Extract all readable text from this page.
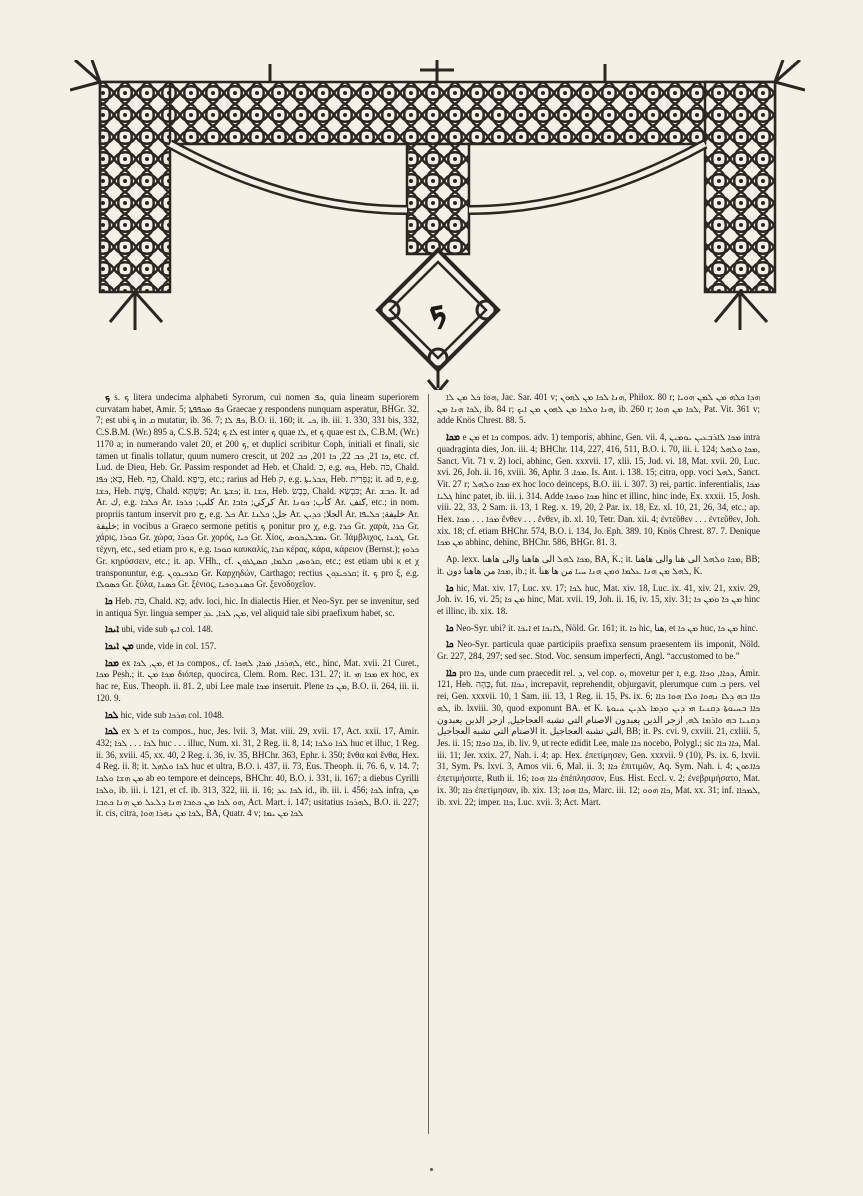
ܟ

ܟ s. ܟ litera undecima alphabeti Syrorum, cui nomen ܟܦ, quia lineam superiorem curvatam habet, Amir. 5; ܟܦ ܡܟܦܦܬܐ Graecae χ respondens nunquam asperatur, BHGr. 32. 7; est ubi ܟ in ܩ mutatur, ib. 36. 7; ܟܦ ܠܐ, B.O. ii. 160; it. ܟܝ, ib. iii. 1. 330, 331 bis, 332, C.S.B.M. (Wr.) 895 a, C.S.B. 524; ܠܐ ܟ est inter ܟ quae ܠܐ, et ܟ quae est ܠܐ, C.B.M. (Wr.) 1170 a; in numerando valet 20, et ܟ 200, et duplici scribitur Coph, initiali et finali, sic tamen ut finalis tollatur, quum numero crescit, ut ܟܐ 21, ܟܒ 22, ܟܐ 201, ܟܒ 202, etc. cf. Lud. de Dieu, Heb. Gr. Passim respondet ad Heb. et Chald. כ, e.g. ܟܗ, Heb. כֹּה, Chald. כָּא; ܟܦܐ, Heb. כֵּף, Chald. כֵּיפָא, etc.; rarius ad Heb ק, e.g. ܟܒܪܝܬܐ, Heb. גָּפְרִית; it. ad פ, e.g. ܟܫܐ, Heb. פָּשֶׁת, Chald. פַּשְׁתָּא; Ar. ܟܫܬܐ; it. ܟܫܐ, Heb. כֶּבֶשׂ, Chald. כִּבְשָׂא; Ar. ܟܒܫ. It. ad Ar. ك, e.g. ܟܠܒܐ Ar. كلب; ܟܪܟܐ Ar. كركي; ܟܐܒܐ Ar. كأب; ܟܘܢܐ Ar. كتف, etc.; in nom. propriis tantum inservit pro ج, e.g. ܟܠ Ar. جل; ܟܠܢܐ Ar. الجلا; ܟܕܝܢ Ar. خليفة; ܟܠܝܦܐ Ar. خليفة; in vocibus a Graeco sermone petitis ܟ ponitur pro χ, e.g. ܟܪܐ Gr. χαρά, ܟܪܐ Gr. χάρις, ܟܘܪܐ Gr. χώρα, ܟܘܪܐ Gr. χορός, ܟܝܐ Gr. Χίος, ܝܡܒܠܝܟܘܣ Gr. Ἰάμβλιχος, ܛܟܢܐ Gr. τέχνη, etc., sed etiam pro κ, e.g. ܩܘܟܐ καυκαλίς, ܩܪܐ κέρας, κάρα, κάρειον (Bernst.); ܟܪܘܙ Gr. κηρύσσειν, etc.; it. ap. VHh., cf. ܩܪܘܣ, ܩܠܡܐ, ܩܣܛܪܘܢ, etc.; est etiam ubi κ et χ transponuntur, e.g. ܩܪܟܝܕܘܢ Gr. Καρχηδών, Carthago; rectius ܩܪܟܝܕܘܢ; it. ܟ pro ξ, e.g. ܟܣܘܠܐ Gr. ξύλα, ܟܣܢܐ Gr. ξένιος, ܟܣܢܕܘܟܝܐ Gr. ξενοδοχεῖον.

ܟܐ Heb. כֹּה, Chald. כָּא, adv. loci, hic. In dialectis Hier. et Neo-Syr. per se invenitur, sed in antiqua Syr. lingua semper ܡܢ, ܠܟܐ, ܥܕ, vel aliquid tale sibi praefixum habet, sc.

ܐܝܟܐ ubi, vide sub ܐܝܟ col. 148.

ܡܢ ܐܝܟܐ unde, vide in col. 157.

ܡܟܐ ex ܡܢ, ܠܟܐ, et ܟܐ compos., cf. ܠܗܪܟܐ, ܡܟܐ, ܠܗܟܐ, etc., hinc, Mat. xvii. 21 Curet., ܡܟܐ Pesh.; it. ܡܟܐ ܡܢ διόπερ, quocirca, Clem. Rom. Rec. 131. 27; it. ܡܟܐ ܗܝ ex hoc, ex hac re, Eus. Theoph. ii. 81. 2, ubi Lee male ܡܟܐ inseruit. Plene ܡܢ ܟܐ, B.O. ii. 264, iii. ii. 120. 9.

ܠܟܐ hic, vide sub ܗܪܟܐ col. 1048.

ܠܟܐ ex ܠ et ܟܐ compos., huc, Jes. lvii. 3, Mat. viii. 29, xvii. 17, Act. xxii. 17, Amir. 432; ܠܟܐ . . . ܠܟܐ huc . . . illuc, Num. xi. 31, 2 Reg. ii. 8, 14; ܠܟܐ ܘܠܟܐ huc et illuc, 1 Reg. ii. 36, xviii. 45, xx. 40, 2 Reg. i. 36, iv. 35, BHChr. 363, Ephr. i. 350; ἔνθα καὶ ἔνθα, Hex. 4 Reg. ii. 8; it. ܠܟܐ ܘܠܗܠ huc et ultra, B.O. i. 437, ii. 73, Eus. Theoph. ii. 76. 6, v. 14. 7; ܡܢ ܗܫܐ ܘܠܟܐ ab eo tempore et deinceps, BHChr. 40, B.O. i. 331, ii. 167; a diebus Cyrilli ܘܠܟܐ, ib. iii. i. 121, et cf. ib. 313, 322, iii. ii. 16; ܠܟܐ ܥܕ id., ib. iii. i. 456; ܠܟܐ infra, ܡܢ ܗܘ ܠܟܐ ܡܢ ܟܬܒܐ ܗܢܐ ܕܠܥܠ ܡܢ ܗܢܐ ܟܬܒܐ, Act. Mart. i. 147; usitatius ܠܗܪܟܐ, B.O. ii. 227; it. cis, citra, ܠܟܐ ܡܢ ܢܗܪܐ ܗܘܐ, BA, Quatr. 4 v; ܠܟܐ ܡܢ ܝܡܐ

ܗܘܐ ܟܠ ܡܢ ܠܐ, Jac. Sar. 401 v; ܗܢܐ ܠܟܐ ܡܢ ܠܗܘܢ, Philox. 80 r; ܗܕܐ ܟܠܗ ܡܢ ܠܡܢ ܗܘܝܐ ܠܟܐ ܗܢܐ ܡܢ, ib. 84 r; ܗܢܐ ܘܠܟܐ ܡܢ ܠܗܘܢ ܡܢ ܐܝܟ, ib. 260 r; ܠܟܐ ܡܢ ܗܘܐ, Pat. Vit. 361 v; adde Knös Chrest. 88. 5.

ܡܟܐ e ܡܢ et ܟܐ compos. adv. 1) temporis, abhinc, Gen. vii. 4, ܡܟܐ ܠܐܪܒܥܝܢ ܝܘܡܝܢ intra quadraginta dies, Jon. iii. 4; BHChr. 114, 227, 416, 511, B.O. i. 70, iii. i. 124; ܡܟܐ ܘܠܗܠ, Sanct. Vit. 71 v. 2) loci, abhinc, Gen. xxxvii. 17, xlii. 15, Jud. vi. 18, Mat. xvii. 20, Luc. xvi. 26, Joh. ii. 16, xviii. 36, Aphr. ܡܟܐ. 3. Is. Ant. i. 138. 15; citra, opp. voci ܠܗܠ, Sanct. Vit. 27 r; ܡܟܐ ܘܠܗܠ ex hoc loco deinceps, B.O. iii. i. 307. 3) rei, partic. inferentialis, ܡܟܐ ܓܠܝܐ hinc patet, ib. iii. i. 314. Adde ܡܟܐ ܘܡܟܐ hinc et illinc, hinc inde, Ex. xxxii. 15, Josh. viii. 22, 33, 2 Sam. ii. 13, 1 Reg. x. 19, 20, 2 Par. ix. 18, Ez. xl. 10, 21, 26, 34, etc.; ap. Hex. ܡܟܐ . . . ܡܟܐ ἔνθεν . . . ἔνθεν, ib. xl. 10, Tetr. Dan. xii. 4; ἐντεῦθεν . . . ἐντεῦθεν, Joh. xix. 18; cf. etiam BHChr. 574, B.O. i. 134, Jo. Eph. 389. 10, Knös Chrest. 87. 7. Denique ܡܢ ܡܟܐ abhinc, dehinc, BHChr. 586, BHGr. 81. 3.

Ap. lexx. ܡܟܐ ܠܗܠ الى هاهنا والى هاهنا, BA, K.; it. ܡܟܐ ܘܠܗܠ الى هنا والى هاهنا, BB; it. ܡܟܐ من هاهنا دون, ib.; it. ܠܗܠ ܡܢ ܗܢܐ ܥܠܡܐ ܘܡܢ ܗܢܐ ܚܝܐ من ها هنا, K.

ܟܐ hic, Mat. xiv. 17, Luc. xv. 17; ܠܟܐ huc, Mat. xiv. 18, Luc. ix. 41, xiv. 21, xxiv. 29, Joh. iv. 16, vi. 25; ܡܢ ܟܐ hinc, Mat. xvii. 19, Joh. ii. 16, iv. 15, xiv. 31; ܡܢ ܟܐ ܘܡܢ ܟܐ hinc et illinc, ib. xix. 18.

ܟܐ Neo-Syr. ubi? it. ܐܝܟܐ et ܠܐܝܟܐ, Nöld. Gr. 161; it. ܟܐ hic, هنا, et ܡܢ ܟܐ huc, ܡܢ ܟܐ hinc.

ܟܐ Neo-Syr. particula quae participiis praefixa sensum praesentem iis imponit, Nöld. Gr. 227, 284, 297; sed sec. Stod. Voc. sensum imperfecti, Angl. “accustomed to be.”

ܟܐܐ pro ܟܐܐ, unde cum praecedit rel. ܕ, vel cop. ܘ, movetur per ܐ, e.g. ܕܟܐܐ, ܘܟܐܐ, Amir. 121, Heb. כָּהָה, fut. ܢܟܐܐ, increpavit, reprehendit, objurgavit, plerumque cum ܒ pers. vel rei, Gen. xxxvii. 10, 1 Sam. iii. 13, 1 Reg. ii. 15, Ps. ix. 6; ܟܐܐ ܒܗ ܕܠܐ ܢܗܘܐ ܘܠܐ ܗܘܐ ܟܐܐ ܠܗ, ib. lxviii. 30, quod exponunt BA. et K. ܟܐܐ ܒܚܝܘܬܐ ܕܩܢܝܐ ܗܝ ܕܝܢ ܘܕܡܐ ܠܕܝܢ ܚܝܘܬܐ ܕܩܢܝܐ ܒܗ ܘܐܪܡܐ ܠܗ, ازجر الذين يعبدون الاصنام التي تشبه العجاجيل, ازجر الذين يعبدون الاصنام التي تشبه العجاجيل it. التي تشبه العجاجيل, BB; it. Ps. cvi. 9, cxviii. 21, cxliii. 5, Jes. ii. 15; ܟܐܐ ܘܟܐܐ, ib. liv. 9, ut recte edidit Lee, male ܟܐܐ nocebo, Polygl.; sic ܟܐܐ ܟܐܐ, Mal. iii. 11; Jer. xxix. 27, Nah. i. 4; ap. Hex. ἐπετίμησεν, Gen. xxxvii. 9 (10), Ps. ix. 6, lxvii. 31, Sym. Ps. lxvi. 3, Amos vii. 6, Mal. ii. 3; ܟܐܐ ἐπιτιμῶν, Aq. Sym. Nah. i. 4; ܟܐܐܬܘܢ ἐπετιμήσατε, Ruth ii. 16; ܟܐܐ ܗܘܐ ἐπέπλησσον, Eus. Hist. Eccl. v. 2; ἐνεβριμήσατο, Mat. ix. 30; ܟܐܐ ἐπετίμησαν, ib. xix. 13; ܟܐܐ ܗܘܐ, Marc. iii. 12; ܟܐܐ ܗܘܘ, Mat. xx. 31; inf. ܠܡܟܐܐ, ib. xvi. 22; imper. ܟܐܐ, Luc. xvii. 3; Act. Mart.
